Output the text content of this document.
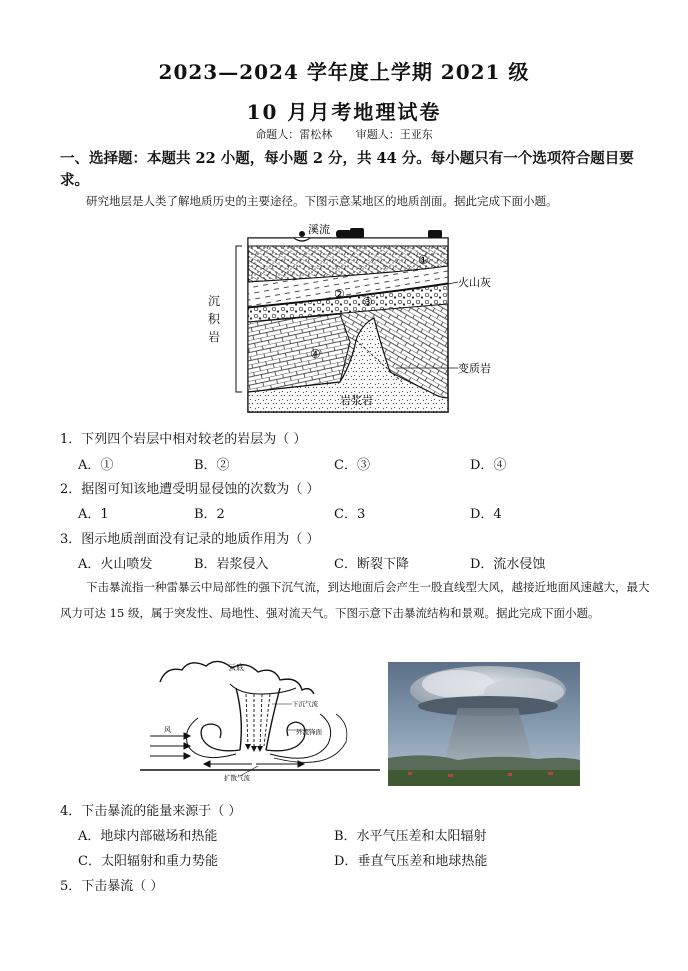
2023—2024 学年度上学期 2021 级
10 月月考地理试卷
命题人：雷松林 审题人：王亚东
一、选择题：本题共 22 小题，每小题 2 分，共 44 分。每小题只有一个选项符合题目要求。
研究地层是人类了解地质历史的主要途径。下图示意某地区的地质剖面。据此完成下面小题。
溪流
火山灰
变质岩
岩浆岩
①
②
③
④
沉积岩
1．下列四个岩层中相对较老的岩层为（ ）
A．①	B．②	C．③	D．④
2．据图可知该地遭受明显侵蚀的次数为（ ）
A．1	B．2	C．3	D．4
3．图示地质剖面没有记录的地质作用为（ ）
A．火山喷发	B．岩浆侵入	C．断裂下降	D．流水侵蚀
下击暴流指一种雷暴云中局部性的强下沉气流，到达地面后会产生一股直线型大风，越接近地面风速越大，最大风力可达 15 级，属于突发性、局地性、强对流天气。下图示意下击暴流结构和景观。据此完成下面小题。
云底
下沉气流
外流锋面
风
扩散气流
4．下击暴流的能量来源于（ ）
A．地球内部磁场和热能	B．水平气压差和太阳辐射
C．太阳辐射和重力势能	D．垂直气压差和地球热能
5．下击暴流（ ）
